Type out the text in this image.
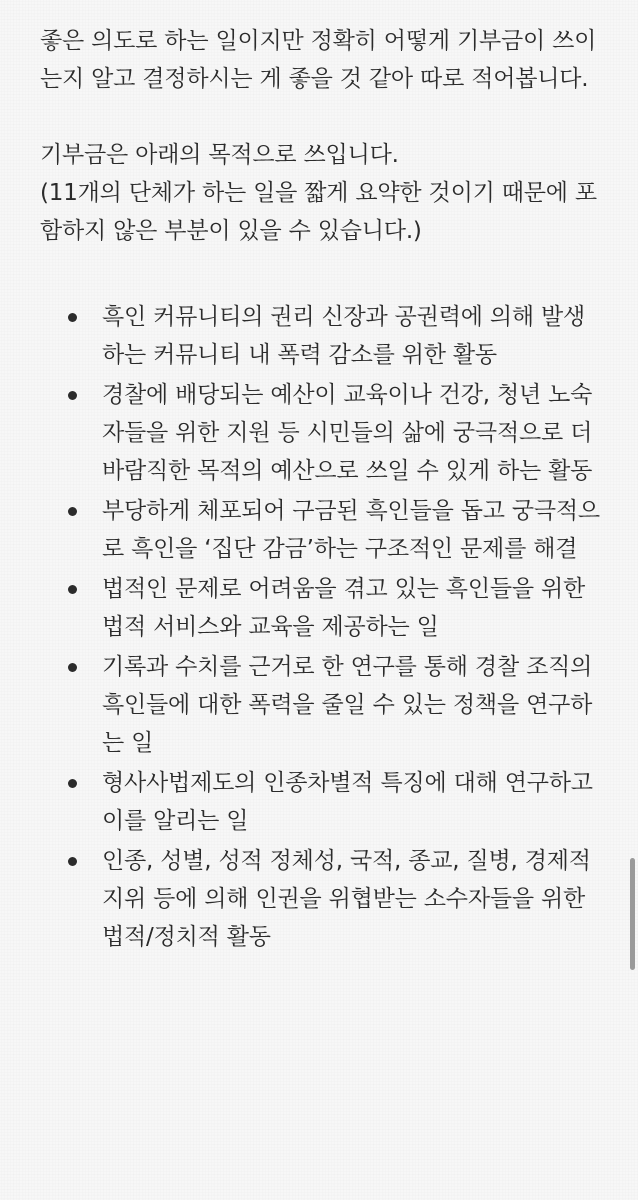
좋은 의도로 하는 일이지만 정확히 어떻게 기부금이 쓰이는지 알고 결정하시는 게 좋을 것 같아 따로 적어봅니다.

기부금은 아래의 목적으로 쓰입니다.

(11개의 단체가 하는 일을 짧게 요약한 것이기 때문에 포함하지 않은 부분이 있을 수 있습니다.)

흑인 커뮤니티의 권리 신장과 공권력에 의해 발생하는 커뮤니티 내 폭력 감소를 위한 활동
경찰에 배당되는 예산이 교육이나 건강, 청년 노숙자들을 위한 지원 등 시민들의 삶에 궁극적으로 더 바람직한 목적의 예산으로 쓰일 수 있게 하는 활동
부당하게 체포되어 구금된 흑인들을 돕고 궁극적으로 흑인을 ‘집단 감금’하는 구조적인 문제를 해결
법적인 문제로 어려움을 겪고 있는 흑인들을 위한 법적 서비스와 교육을 제공하는 일
기록과 수치를 근거로 한 연구를 통해 경찰 조직의 흑인들에 대한 폭력을 줄일 수 있는 정책을 연구하는 일
형사사법제도의 인종차별적 특징에 대해 연구하고 이를 알리는 일
인종, 성별, 성적 정체성, 국적, 종교, 질병, 경제적 지위 등에 의해 인권을 위협받는 소수자들을 위한 법적/정치적 활동
